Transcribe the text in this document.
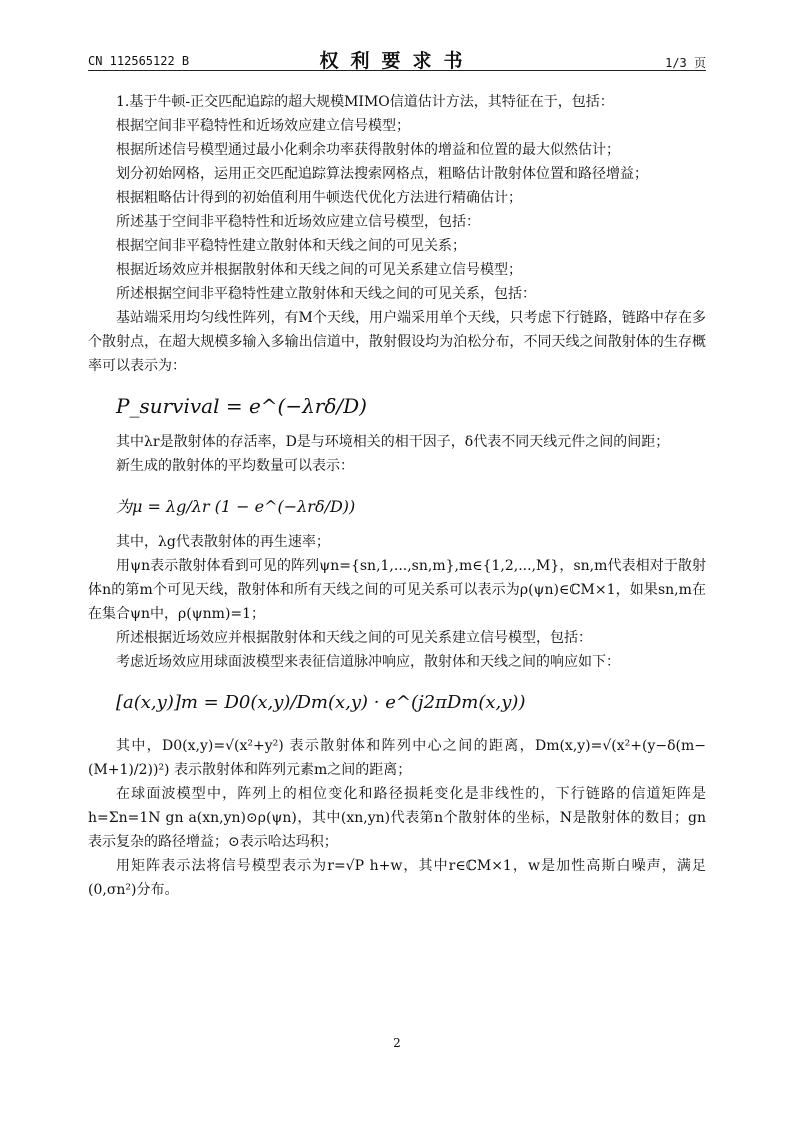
CN 112565122 B	权利要求书	1/3 页

1.基于牛顿-正交匹配追踪的超大规模MIMO信道估计方法，其特征在于，包括：

根据空间非平稳特性和近场效应建立信号模型；

根据所述信号模型通过最小化剩余功率获得散射体的增益和位置的最大似然估计；

划分初始网格，运用正交匹配追踪算法搜索网格点，粗略估计散射体位置和路径增益；

根据粗略估计得到的初始值利用牛顿迭代优化方法进行精确估计；

所述基于空间非平稳特性和近场效应建立信号模型，包括：

根据空间非平稳特性建立散射体和天线之间的可见关系；

根据近场效应并根据散射体和天线之间的可见关系建立信号模型；

所述根据空间非平稳特性建立散射体和天线之间的可见关系，包括：

基站端采用均匀线性阵列，有M个天线，用户端采用单个天线，只考虑下行链路，链路中存在多个散射点，在超大规模多输入多输出信道中，散射假设均为泊松分布，不同天线之间散射体的生存概率可以表示为：

P_survival = e^(−λrδ/D)

其中λr是散射体的存活率，D是与环境相关的相干因子，δ代表不同天线元件之间的间距；

新生成的散射体的平均数量可以表示：

为μ = λg/λr (1 − e^(−λrδ/D))

其中，λg代表散射体的再生速率；

用ψn表示散射体看到可见的阵列ψn={sn,1,...,sn,m},m∈{1,2,...,M}，sn,m代表相对于散射体n的第m个可见天线，散射体和所有天线之间的可见关系可以表示为ρ(ψn)∈ℂM×1，如果sn,m在在集合ψn中，ρ(ψnm)=1；

所述根据近场效应并根据散射体和天线之间的可见关系建立信号模型，包括：

考虑近场效应用球面波模型来表征信道脉冲响应，散射体和天线之间的响应如下：

[a(x,y)]m = D0(x,y)/Dm(x,y) · e^(j2πDm(x,y))

其中，D0(x,y)=√(x²+y²) 表示散射体和阵列中心之间的距离，Dm(x,y)=√(x²+(y−δ(m−(M+1)/2))²) 表示散射体和阵列元素m之间的距离；

在球面波模型中，阵列上的相位变化和路径损耗变化是非线性的，下行链路的信道矩阵是h=Σn=1N gn a(xn,yn)⊙ρ(ψn)，其中(xn,yn)代表第n个散射体的坐标，N是散射体的数目；gn表示复杂的路径增益；⊙表示哈达玛积；

用矩阵表示法将信号模型表示为r=√P h+w，其中r∈ℂM×1，w是加性高斯白噪声，满足(0,σn²)分布。

2
